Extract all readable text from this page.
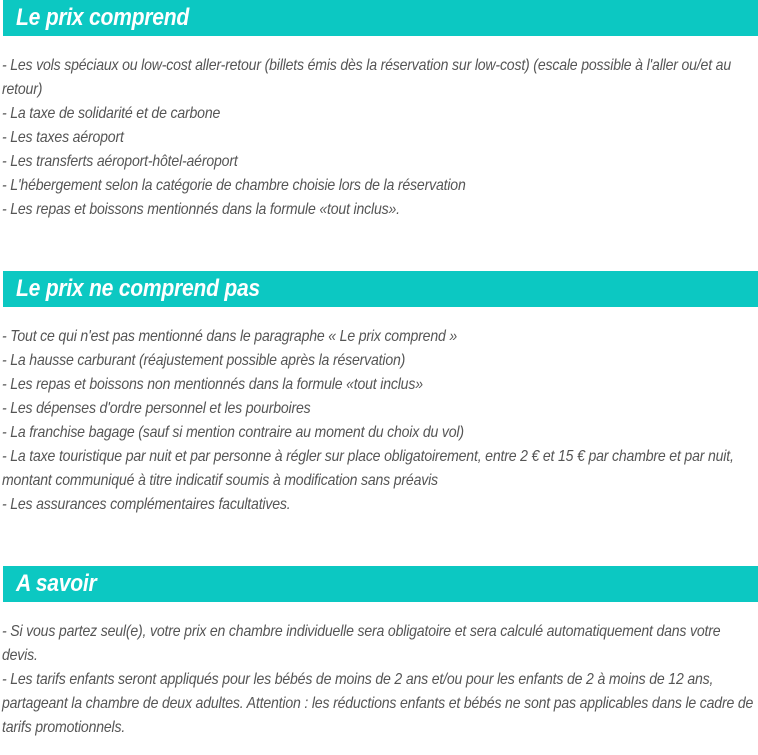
Le prix comprend

- Les vols spéciaux ou low-cost aller-retour (billets émis dès la réservation sur low-cost) (escale possible à l'aller ou/et au retour)

- La taxe de solidarité et de carbone

- Les taxes aéroport

- Les transferts aéroport-hôtel-aéroport

- L'hébergement selon la catégorie de chambre choisie lors de la réservation

- Les repas et boissons mentionnés dans la formule «tout inclus».

Le prix ne comprend pas

- Tout ce qui n'est pas mentionné dans le paragraphe « Le prix comprend »

- La hausse carburant (réajustement possible après la réservation)

- Les repas et boissons non mentionnés dans la formule «tout inclus»

- Les dépenses d'ordre personnel et les pourboires

- La franchise bagage (sauf si mention contraire au moment du choix du vol)

- La taxe touristique par nuit et par personne à régler sur place obligatoirement, entre 2 € et 15 € par chambre et par nuit, montant communiqué à titre indicatif soumis à modification sans préavis

- Les assurances complémentaires facultatives.

A savoir

- Si vous partez seul(e), votre prix en chambre individuelle sera obligatoire et sera calculé automatiquement dans votre devis.

- Les tarifs enfants seront appliqués pour les bébés de moins de 2 ans et/ou pour les enfants de 2 à moins de 12 ans, partageant la chambre de deux adultes. Attention : les réductions enfants et bébés ne sont pas applicables dans le cadre de tarifs promotionnels.
